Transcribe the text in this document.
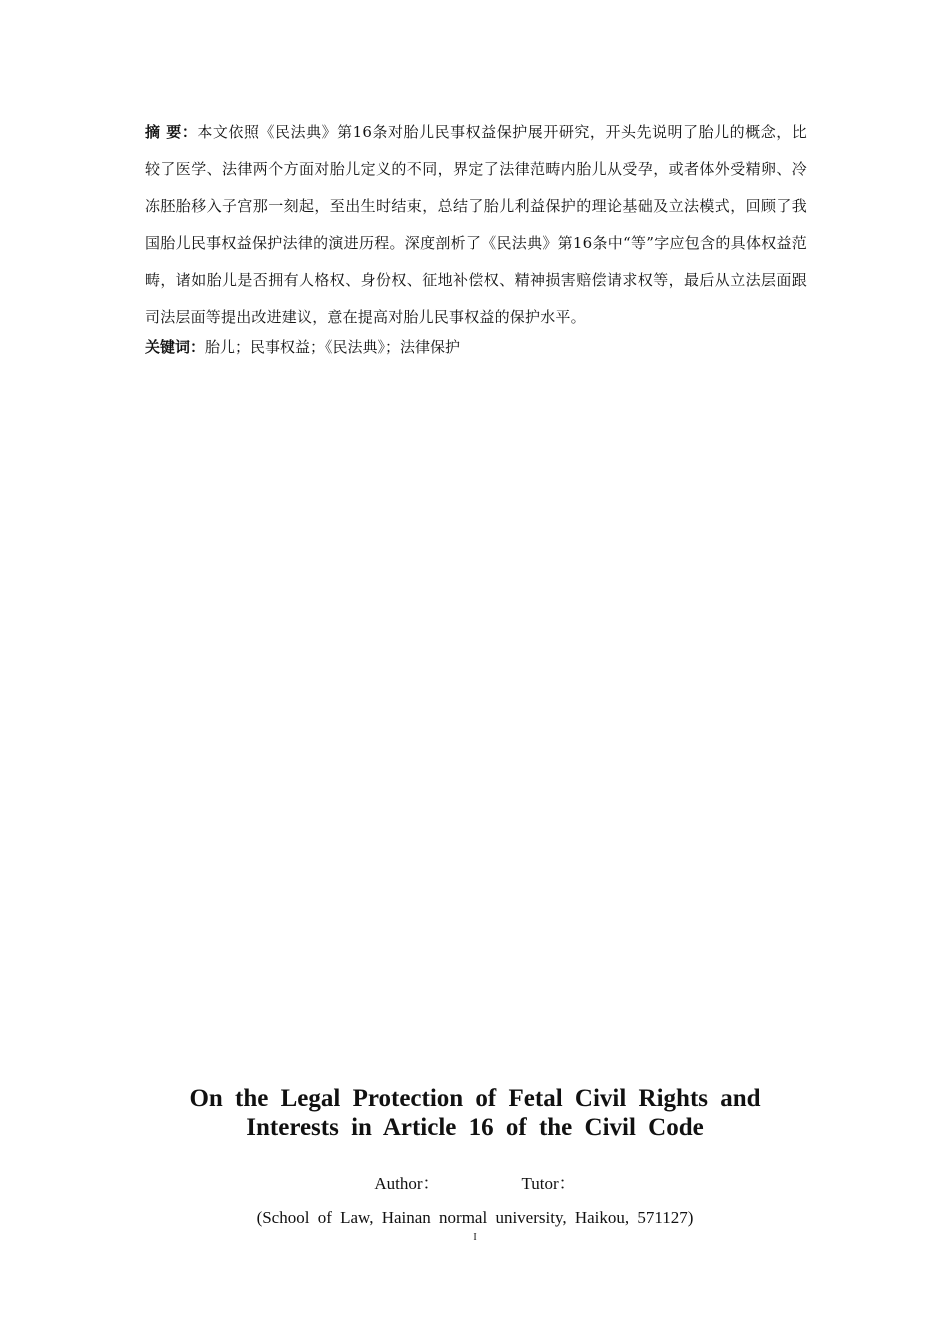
摘 要：本文依照《民法典》第16条对胎儿民事权益保护展开研究，开头先说明了胎儿的概念，比较了医学、法律两个方面对胎儿定义的不同，界定了法律范畴内胎儿从受孕，或者体外受精卵、冷冻胚胎移入子宫那一刻起，至出生时结束，总结了胎儿利益保护的理论基础及立法模式，回顾了我国胎儿民事权益保护法律的演进历程。深度剖析了《民法典》第16条中“等”字应包含的具体权益范畴，诸如胎儿是否拥有人格权、身份权、征地补偿权、精神损害赔偿请求权等，最后从立法层面跟司法层面等提出改进建议，意在提高对胎儿民事权益的保护水平。

关键词：胎儿；民事权益；《民法典》；法律保护

On the Legal Protection of Fetal Civil Rights and Interests in Article 16 of the Civil Code
Author：	Tutor：
(School of Law, Hainan normal university, Haikou, 571127)
I
